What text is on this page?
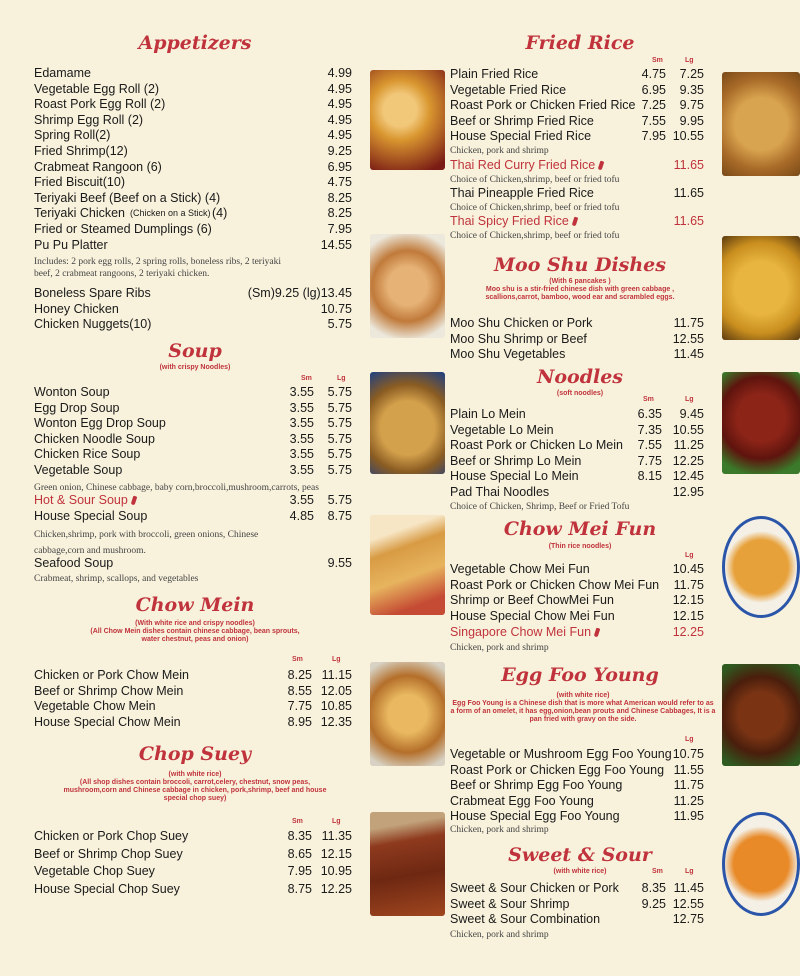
Appetizers
Edamame	4.99
Vegetable Egg Roll (2)	4.95
Roast Pork Egg Roll (2)	4.95
Shrimp Egg Roll (2)	4.95
Spring Roll(2)	4.95
Fried Shrimp(12)	9.25
Crabmeat Rangoon (6)	6.95
Fried Biscuit(10)	4.75
Teriyaki Beef (Beef on a Stick) (4)	8.25
Teriyaki Chicken (Chicken on a Stick) (4)	8.25
Fried or Steamed Dumplings (6)	7.95
Pu Pu Platter	14.55
Includes: 2 pork egg rolls, 2 spring rolls, boneless ribs, 2 teriyaki beef, 2 crabmeat rangoons, 2 teriyaki chicken.
Boneless Spare Ribs	(Sm)9.25 (lg)13.45
Honey Chicken	10.75
Chicken Nuggets(10)	5.75
Soup
(with crispy Noodles)
Sm	Lg
Wonton Soup	3.55 5.75
Egg Drop Soup	3.55 5.75
Wonton Egg Drop Soup	3.55 5.75
Chicken Noodle Soup	3.55 5.75
Chicken Rice Soup	3.55 5.75
Vegetable Soup	3.55 5.75
Green onion, Chinese cabbage, baby corn,broccoli,mushroom,carrots, peas
Hot & Sour Soup	3.55 5.75
House Special Soup	4.85 8.75
Chicken,shrimp, pork with broccoli, green onions, Chinese cabbage,corn and mushroom.
Seafood Soup	9.55
Crabmeat, shrimp, scallops, and vegetables
Chow Mein
(With white rice and crispy noodles)
(All Chow Mein dishes contain chinese cabbage, bean sprouts, water chestnut, peas and onion)
Sm	Lg
Chicken or Pork Chow Mein	8.25 11.15
Beef or Shrimp Chow Mein	8.55 12.05
Vegetable Chow Mein	7.75 10.85
House Special Chow Mein	8.95 12.35
Chop Suey
(with white rice)
(All shop dishes contain broccoli, carrot,celery, chestnut, snow peas, mushroom,corn and Chinese cabbage in chicken, pork,shrimp, beef and house special chop suey)
Sm	Lg
Chicken or Pork Chop Suey	8.35 11.35
Beef or Shrimp Chop Suey	8.65 12.15
Vegetable Chop Suey	7.95 10.95
House Special Chop Suey	8.75 12.25
Fried Rice
Sm	Lg
Plain Fried Rice	4.75 7.25
Vegetable Fried Rice	6.95 9.35
Roast Pork or Chicken Fried Rice 7.25 9.75
Beef or Shrimp Fried Rice	7.55 9.95
House Special Fried Rice	7.95 10.55
Chicken, pork and shrimp
Thai Red Curry Fried Rice	11.65
Choice of Chicken,shrimp, beef or fried tofu
Thai Pineapple Fried Rice	11.65
Choice of Chicken,shrimp, beef or fried tofu
Thai Spicy Fried Rice	11.65
Choice of Chicken,shrimp, beef or fried tofu
Moo Shu Dishes
(With 6 pancakes )
Moo shu is a stir-fried chinese dish with green cabbage , scallions,carrot, bamboo, wood ear and scrambled eggs.
Moo Shu Chicken or Pork	11.75
Moo Shu Shrimp or Beef	12.55
Moo Shu Vegetables	11.45
Noodles
(soft noodles)
Sm	Lg
Plain Lo Mein	6.35 9.45
Vegetable Lo Mein	7.35 10.55
Roast Pork or Chicken Lo Mein 7.55 11.25
Beef or Shrimp Lo Mein	7.75 12.25
House Special Lo Mein	8.15 12.45
Pad Thai Noodles	12.95
Choice of Chicken, Shrimp, Beef or Fried Tofu
Chow Mei Fun
(Thin rice noodles)
Lg
Vegetable Chow Mei Fun	10.45
Roast Pork or Chicken Chow Mei Fun 11.75
Shrimp or Beef ChowMei Fun	12.15
House Special Chow Mei Fun	12.15
Singapore Chow Mei Fun	12.25
Chicken, pork and shrimp
Egg Foo Young
(with white rice)
Egg Foo Young is a Chinese dish that is more what American would refer to as a form of an omelet, it has egg,onion,bean prouts and Chinese Cabbages, It is a pan fried with gravy on the side.
Lg
Vegetable or Mushroom Egg Foo Young 10.75
Roast Pork or Chicken Egg Foo Young 11.55
Beef or Shrimp Egg Foo Young	11.75
Crabmeat Egg Foo Young	11.25
House Special Egg Foo Young	11.95
Chicken, pork and shrimp
Sweet & Sour
(with white rice)	Sm	Lg
Sweet & Sour Chicken or Pork 8.35 11.45
Sweet & Sour Shrimp	9.25 12.55
Sweet & Sour Combination	12.75
Chicken, pork and shrimp
